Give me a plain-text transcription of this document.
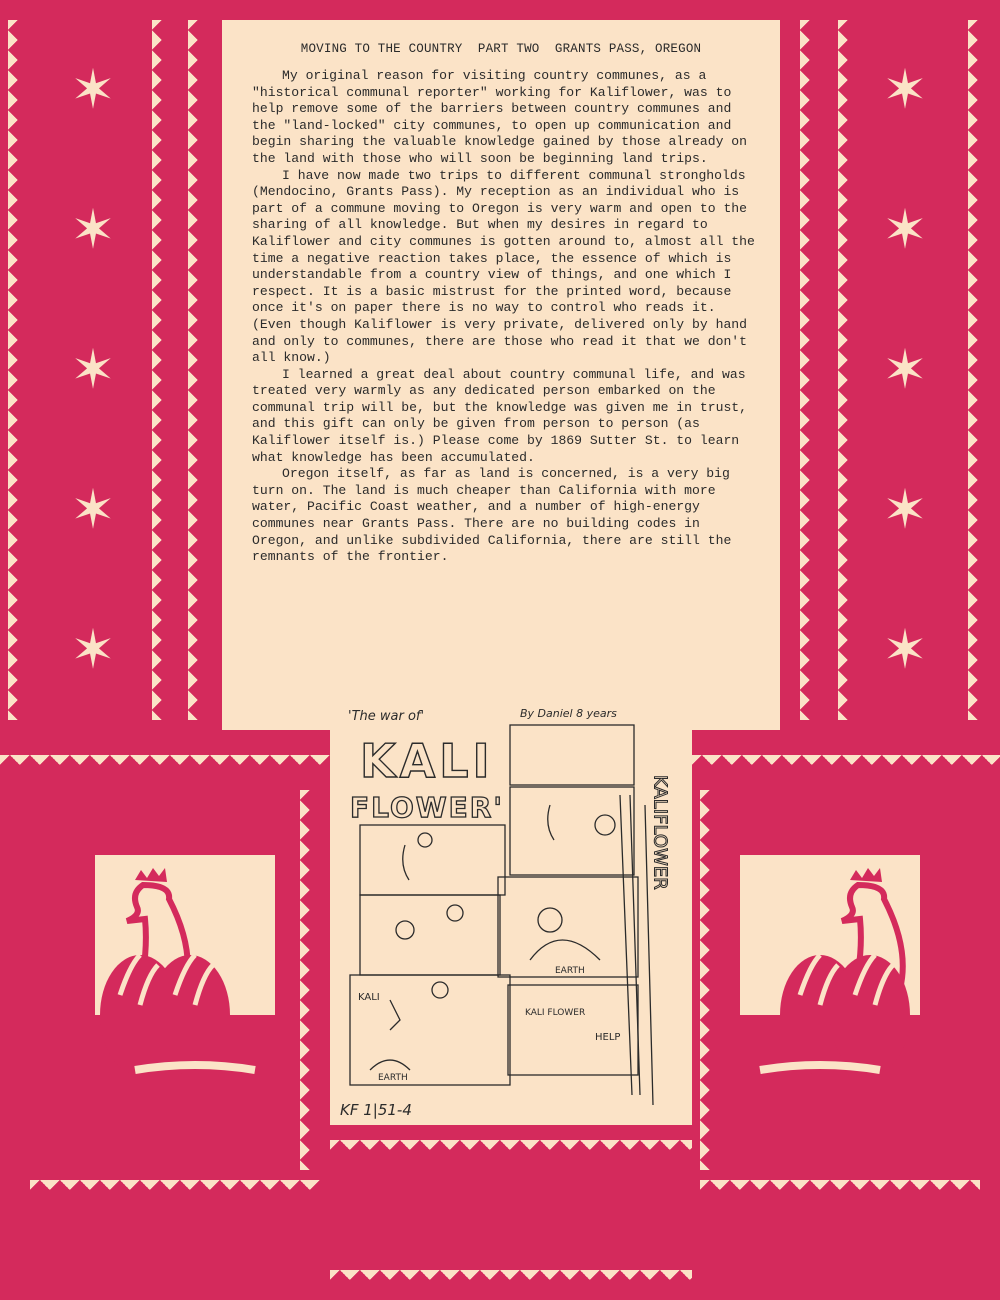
✶
✶
✶
✶
✶
✶
✶
✶
✶
✶
MOVING TO THE COUNTRY  PART TWO  GRANTS PASS, OREGON

My original reason for visiting country communes, as a "historical communal reporter" working for Kaliflower, was to help remove some of the barriers between country communes and the "land-locked" city communes, to open up communication and begin sharing the valuable knowledge gained by those already on the land with those who will soon be beginning land trips.

I have now made two trips to different communal strongholds (Mendocino, Grants Pass). My reception as an individual who is part of a commune moving to Oregon is very warm and open to the sharing of all knowledge. But when my desires in regard to Kaliflower and city communes is gotten around to, almost all the time a negative reaction takes place, the essence of which is understandable from a country view of things, and one which I respect. It is a basic mistrust for the printed word, because once it's on paper there is no way to control who reads it. (Even though Kaliflower is very private, delivered only by hand and only to communes, there are those who read it that we don't all know.)

I learned a great deal about country communal life, and was treated very warmly as any dedicated person embarked on the communal trip will be, but the knowledge was given me in trust, and this gift can only be given from person to person (as Kaliflower itself is.) Please come by 1869 Sutter St. to learn what knowledge has been accumulated.

Oregon itself, as far as land is concerned, is a very big turn on. The land is much cheaper than California with more water, Pacific Coast weather, and a number of high-energy communes near Grants Pass. There are no building codes in Oregon, and unlike subdivided California, there are still the remnants of the frontier.

'The war of'	By Daniel 8 years
KALI
FLOWER'	KALIFLOWER
KALI
EARTH
EARTH
KALI FLOWER
HELP
KF 1|51-4
